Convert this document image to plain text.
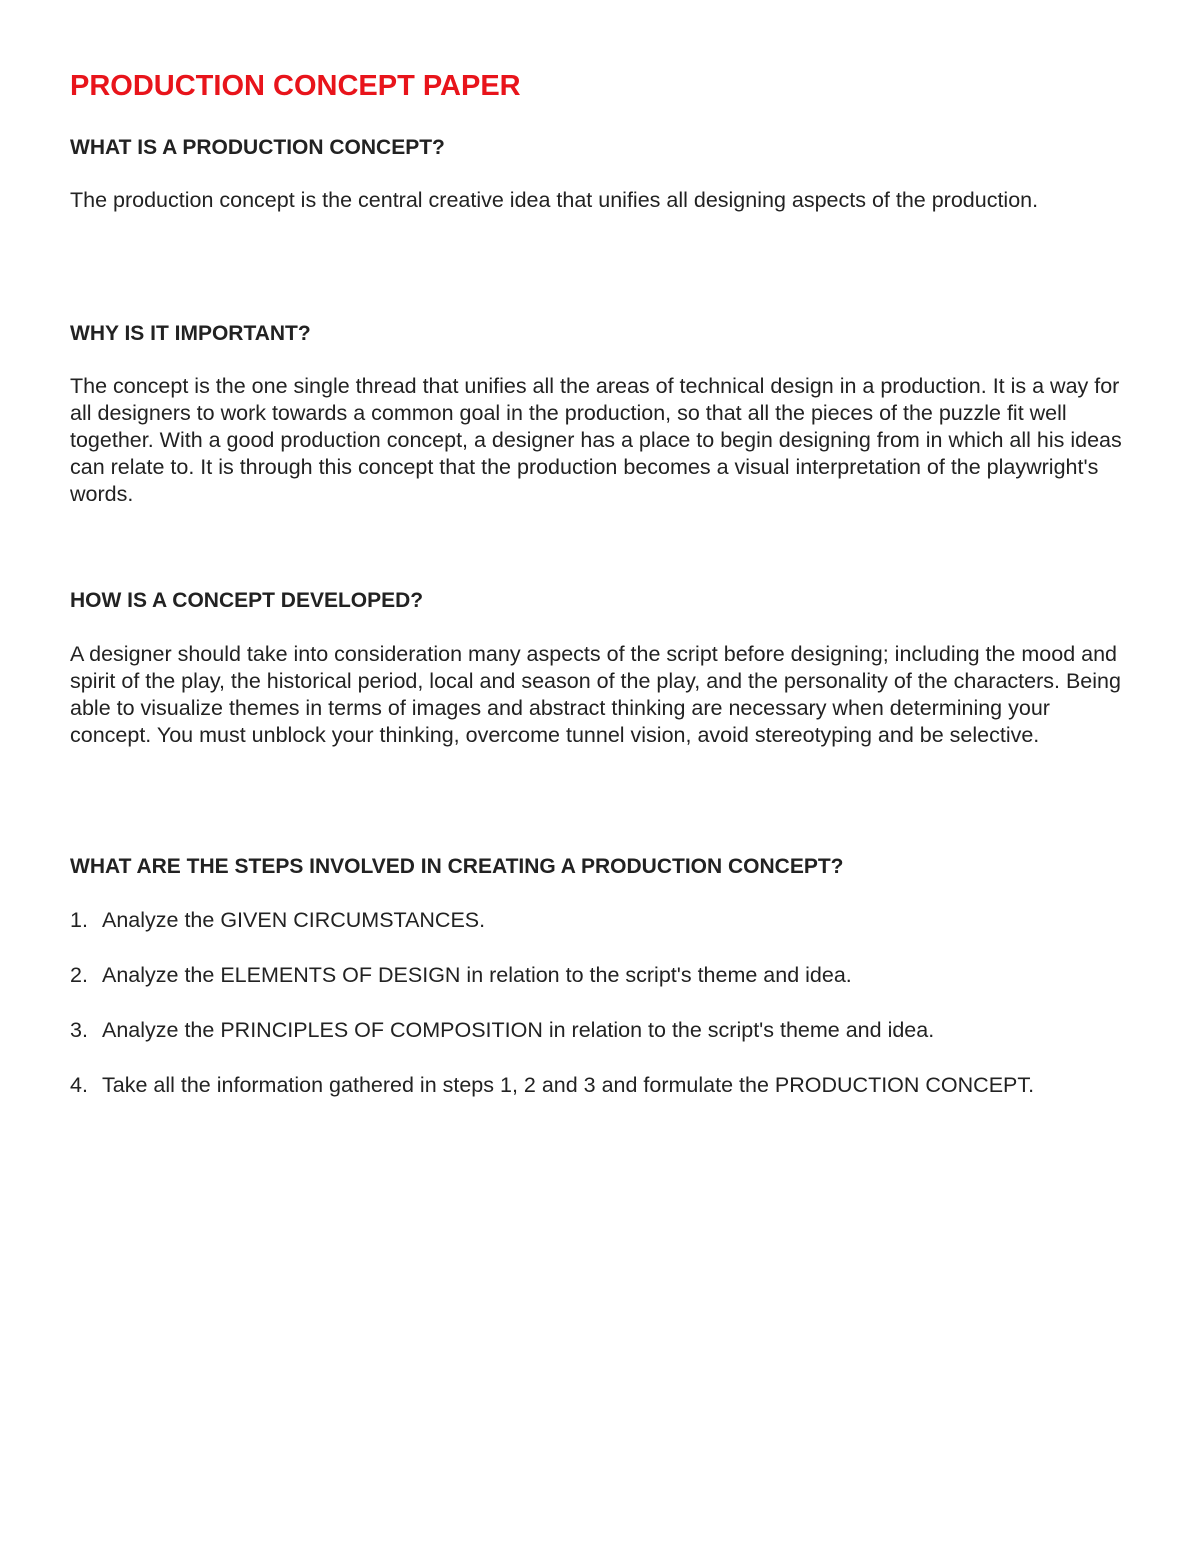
PRODUCTION CONCEPT PAPER
WHAT IS A PRODUCTION CONCEPT?

The production concept is the central creative idea that unifies all designing aspects of the production.

WHY IS IT IMPORTANT?

The concept is the one single thread that unifies all the areas of technical design in a production. It is a way for all designers to work towards a common goal in the production, so that all the pieces of the puzzle fit well together. With a good production concept, a designer has a place to begin designing from in which all his ideas can relate to. It is through this concept that the production becomes a visual interpretation of the playwright's words.

HOW IS A CONCEPT DEVELOPED?

A designer should take into consideration many aspects of the script before designing; including the mood and spirit of the play, the historical period, local and season of the play, and the personality of the characters. Being able to visualize themes in terms of images and abstract thinking are necessary when determining your concept. You must unblock your thinking, overcome tunnel vision, avoid stereotyping and be selective.

WHAT ARE THE STEPS INVOLVED IN CREATING A PRODUCTION CONCEPT?
1. Analyze the GIVEN CIRCUMSTANCES.
2. Analyze the ELEMENTS OF DESIGN in relation to the script's theme and idea.
3. Analyze the PRINCIPLES OF COMPOSITION in relation to the script's theme and idea.
4. Take all the information gathered in steps 1, 2 and 3 and formulate the PRODUCTION CONCEPT.
